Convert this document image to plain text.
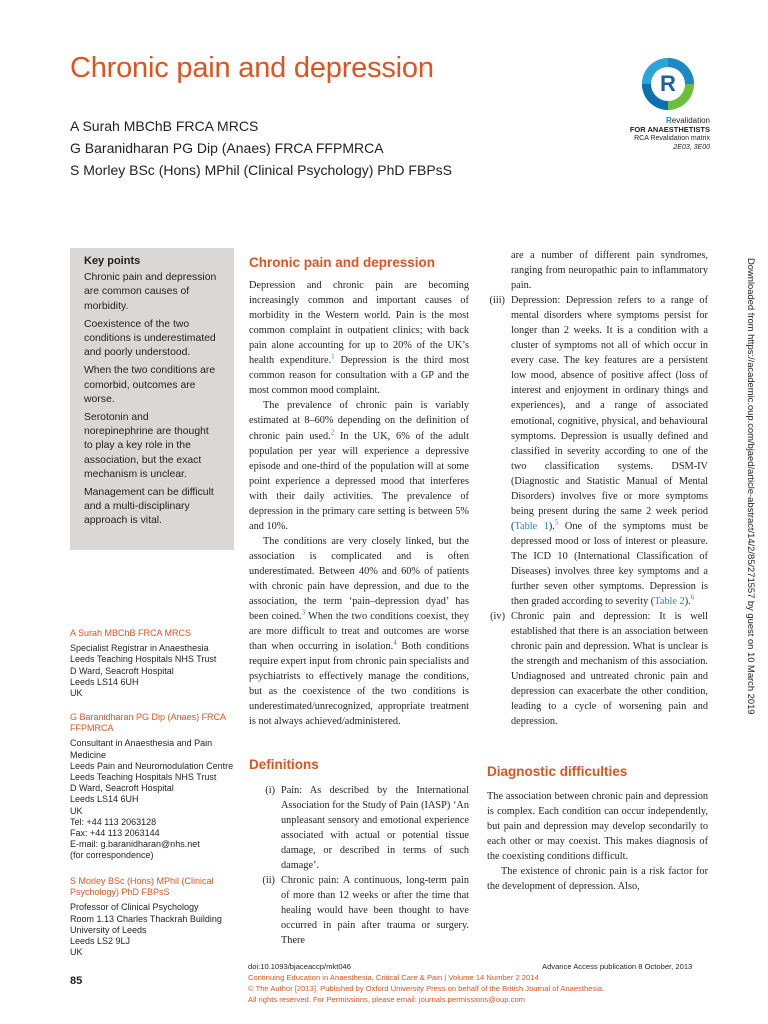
Chronic pain and depression
A Surah MBChB FRCA MRCS
G Baranidharan PG Dip (Anaes) FRCA FFPMRCA
S Morley BSc (Hons) MPhil (Clinical Psychology) PhD FBPsS
R
Revalidation
FOR ANAESTHETISTS
RCA Revalidation matrix
2E03, 3E00
Key points
Chronic pain and depression are common causes of morbidity.
Coexistence of the two conditions is underestimated and poorly understood.
When the two conditions are comorbid, outcomes are worse.
Serotonin and norepinephrine are thought to play a key role in the association, but the exact mechanism is unclear.
Management can be difficult and a multi-disciplinary approach is vital.
A Surah MBChB FRCA MRCS
Specialist Registrar in Anaesthesia
Leeds Teaching Hospitals NHS Trust
D Ward, Seacroft Hospital
Leeds LS14 6UH
UK
G Baranidharan PG Dip (Anaes) FRCA FFPMRCA
Consultant in Anaesthesia and Pain Medicine
Leeds Pain and Neuromodulation Centre
Leeds Teaching Hospitals NHS Trust
D Ward, Seacroft Hospital
Leeds LS14 6UH
UK
Tel: +44 113 2063128
Fax: +44 113 2063144
E-mail: g.baranidharan@nhs.net
(for correspondence)
S Morley BSc (Hons) MPhil (Clinical Psychology) PhD FBPsS
Professor of Clinical Psychology
Room 1.13 Charles Thackrah Building
University of Leeds
Leeds LS2 9LJ
UK
Chronic pain and depression

Depression and chronic pain are becoming increasingly common and important causes of morbidity in the Western world. Pain is the most common complaint in outpatient clinics; with back pain alone accounting for up to 20% of the UK’s health expenditure.$^1$ Depression is the third most common reason for consultation with a GP and the most common mood complaint.

The prevalence of chronic pain is variably estimated at 8–60% depending on the definition of chronic pain used.$^2$ In the UK, 6% of the adult population per year will experience a depressive episode and one-third of the population will at some point experience a depressed mood that interferes with their daily activities. The prevalence of depression in the primary care setting is between 5% and 10%.

The conditions are very closely linked, but the association is complicated and is often underestimated. Between 40% and 60% of patients with chronic pain have depression, and due to the association, the term ‘pain–depression dyad’ has been coined.$^3$ When the two conditions coexist, they are more difficult to treat and outcomes are worse than when occurring in isolation.$^4$ Both conditions require expert input from chronic pain specialists and psychiatrists to effectively manage the conditions, but as the coexistence of the two conditions is underestimated/unrecognized, appropriate treatment is not always achieved/administered.

Definitions
(i) Pain: As described by the International Association for the Study of Pain (IASP) ‘An unpleasant sensory and emotional experience associated with actual or potential tissue damage, or described in terms of such damage’.
(ii) Chronic pain: A continuous, long-term pain of more than 12 weeks or after the time that healing would have been thought to have occurred in pain after trauma or surgery. There
are a number of different pain syndromes, ranging from neuropathic pain to inflammatory pain.
(iii) Depression: Depression refers to a range of mental disorders where symptoms persist for longer than 2 weeks. It is a condition with a cluster of symptoms not all of which occur in every case. The key features are a persistent low mood, absence of positive affect (loss of interest and enjoyment in ordinary things and experiences), and a range of associated emotional, cognitive, physical, and behavioural symptoms. Depression is usually defined and classified in severity according to one of the two classification systems. DSM-IV (Diagnostic and Statistic Manual of Mental Disorders) involves five or more symptoms being present during the same 2 week period (Table 1).$^5$ One of the symptoms must be depressed mood or loss of interest or pleasure. The ICD 10 (International Classification of Diseases) involves three key symptoms and a further seven other symptoms. Depression is then graded according to severity (Table 2).$^6$
(iv) Chronic pain and depression: It is well established that there is an association between chronic pain and depression. What is unclear is the strength and mechanism of this association. Undiagnosed and untreated chronic pain and depression can exacerbate the other condition, leading to a cycle of worsening pain and depression.
Diagnostic difficulties

The association between chronic pain and depression is complex. Each condition can occur independently, but pain and depression may develop secondarily to each other or may coexist. This makes diagnosis of the coexisting conditions difficult.

The existence of chronic pain is a risk factor for the development of depression. Also,

Downloaded from https://academic.oup.com/bjaed/article-abstract/14/2/85/271557 by guest on 10 March 2019
85
doi:10.1093/bjaceaccp/mkt046	Advance Access publication 8 October, 2013
Continuing Education in Anaesthesia, Critical Care & Pain | Volume 14 Number 2 2014
© The Author [2013]. Published by Oxford University Press on behalf of the British Journal of Anaesthesia.
All rights reserved. For Permissions, please email: journals.permissions@oup.com
